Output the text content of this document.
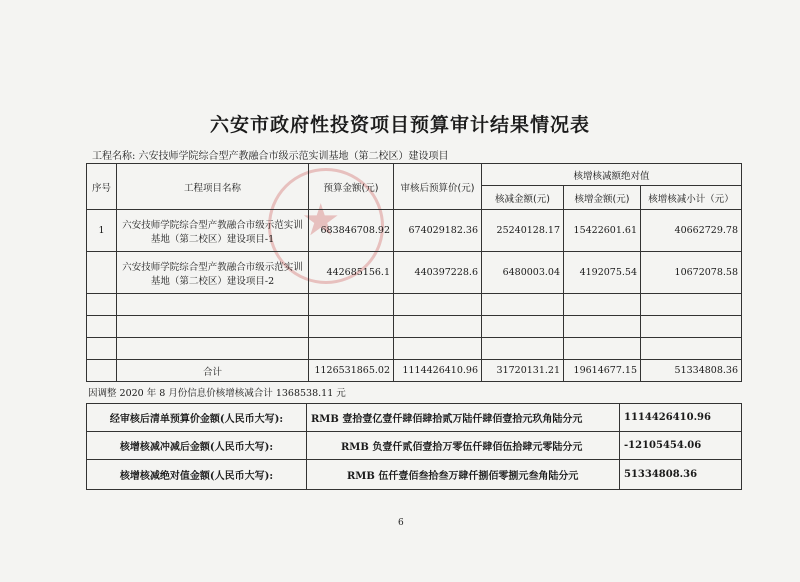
★
六安市政府性投资项目预算审计结果情况表
工程名称: 六安技师学院综合型产教融合市级示范实训基地（第二校区）建设项目
序号	工程项目名称	预算金额(元)	审核后预算价(元)	核增核减额绝对值		
				核减金额(元)	核增金额(元)	核增核减小计（元）
1	六安技师学院综合型产教融合市级示范实训基地（第二校区）建设项目-1	683846708.92	674029182.36	25240128.17	15422601.61	40662729.78
	六安技师学院综合型产教融合市级示范实训基地（第二校区）建设项目-2	442685156.1	440397228.6	6480003.04	4192075.54	10672078.58

	合计	1126531865.02	1114426410.96	31720131.21	19614677.15	51334808.36
因调整 2020 年 8 月份信息价核增核减合计 1368538.11 元
经审核后清单预算价金额(人民币大写):	RMB 壹拾壹亿壹仟肆佰肆拾贰万陆仟肆佰壹拾元玖角陆分元	1114426410.96
核增核减冲减后金额(人民币大写):	RMB 负壹仟贰佰壹拾万零伍仟肆佰伍拾肆元零陆分元	-12105454.06
核增核减绝对值金额(人民币大写):	RMB 伍仟壹佰叁拾叁万肆仟捌佰零捌元叁角陆分元	51334808.36
6
